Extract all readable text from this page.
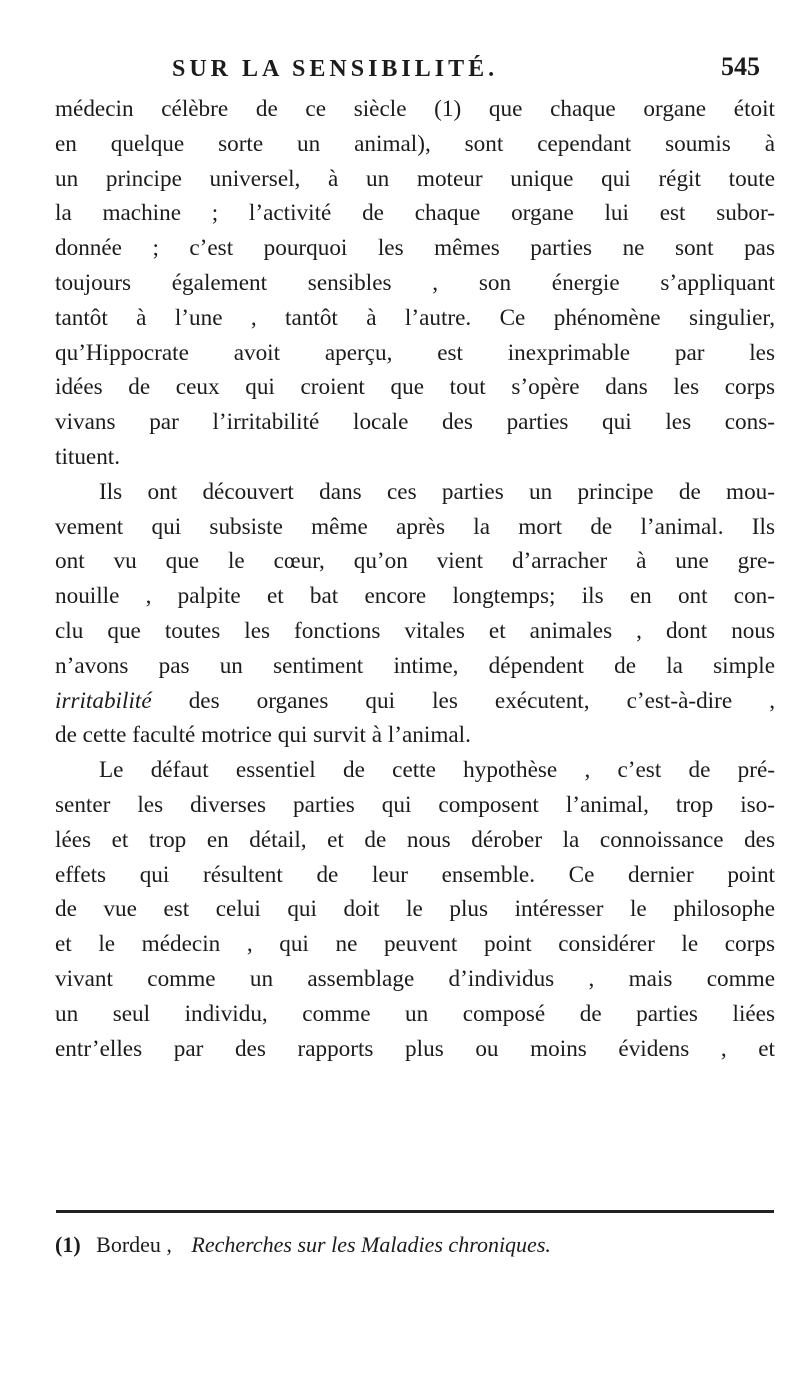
SUR LA SENSIBILITÉ.	545
médecin célèbre de ce siècle (1) que chaque organe étoit
en quelque sorte un animal), sont cependant soumis à
un principe universel, à un moteur unique qui régit toute
la machine ; l’activité de chaque organe lui est subor-
donnée ; c’est pourquoi les mêmes parties ne sont pas
toujours également sensibles , son énergie s’appliquant
tantôt à l’une , tantôt à l’autre. Ce phénomène singulier,
qu’Hippocrate avoit aperçu, est inexprimable par les
idées de ceux qui croient que tout s’opère dans les corps
vivans par l’irritabilité locale des parties qui les cons-
tituent.
Ils ont découvert dans ces parties un principe de mou-
vement qui subsiste même après la mort de l’animal. Ils
ont vu que le cœur, qu’on vient d’arracher à une gre-
nouille , palpite et bat encore longtemps; ils en ont con-
clu que toutes les fonctions vitales et animales , dont nous
n’avons pas un sentiment intime, dépendent de la simple
irritabilité des organes qui les exécutent, c’est-à-dire ,
de cette faculté motrice qui survit à l’animal.
Le défaut essentiel de cette hypothèse , c’est de pré-
senter les diverses parties qui composent l’animal, trop iso-
lées et trop en détail, et de nous dérober la connoissance des
effets qui résultent de leur ensemble. Ce dernier point
de vue est celui qui doit le plus intéresser le philosophe
et le médecin , qui ne peuvent point considérer le corps
vivant comme un assemblage d’individus , mais comme
un seul individu, comme un composé de parties liées
entr’elles par des rapports plus ou moins évidens , et
(1) Bordeu , Recherches sur les Maladies chroniques.
